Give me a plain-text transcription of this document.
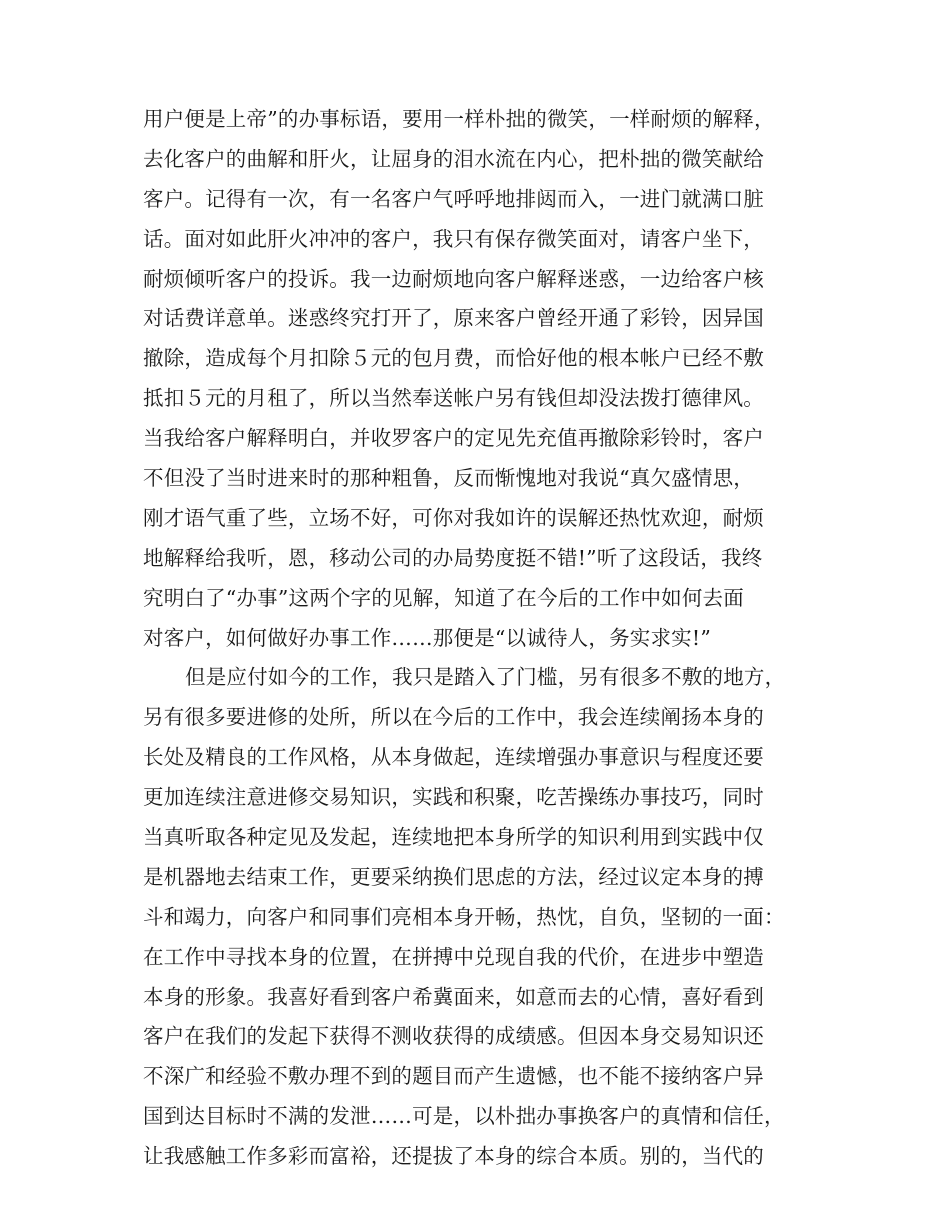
用户便是上帝”的办事标语，要用一样朴拙的微笑，一样耐烦的解释，
去化客户的曲解和肝火，让屈身的泪水流在内心，把朴拙的微笑献给
客户。记得有一次，有一名客户气呼呼地排闼而入，一进门就满口脏
话。面对如此肝火冲冲的客户，我只有保存微笑面对，请客户坐下，
耐烦倾听客户的投诉。我一边耐烦地向客户解释迷惑，一边给客户核
对话费详意单。迷惑终究打开了，原来客户曾经开通了彩铃，因异国
撤除，造成每个月扣除５元的包月费，而恰好他的根本帐户已经不敷
抵扣５元的月租了，所以当然奉送帐户另有钱但却没法拨打德律风。
当我给客户解释明白，并收罗客户的定见先充值再撤除彩铃时，客户
不但没了当时进来时的那种粗鲁，反而惭愧地对我说“真欠盛情思，
刚才语气重了些，立场不好，可你对我如许的误解还热忱欢迎，耐烦
地解释给我听，恩，移动公司的办局势度挺不错!”听了这段话，我终
究明白了“办事”这两个字的见解，知道了在今后的工作中如何去面
对客户，如何做好办事工作……那便是“以诚待人，务实求实!”
但是应付如今的工作，我只是踏入了门槛，另有很多不敷的地方，
另有很多要进修的处所，所以在今后的工作中，我会连续阐扬本身的
长处及精良的工作风格，从本身做起，连续增强办事意识与程度还要
更加连续注意进修交易知识，实践和积聚，吃苦操练办事技巧，同时
当真听取各种定见及发起，连续地把本身所学的知识利用到实践中仅
是机器地去结束工作，更要采纳换们思虑的方法，经过议定本身的搏
斗和竭力，向客户和同事们亮相本身开畅，热忱，自负，坚韧的一面：
在工作中寻找本身的位置，在拼搏中兑现自我的代价，在进步中塑造
本身的形象。我喜好看到客户希冀面来，如意而去的心情，喜好看到
客户在我们的发起下获得不测收获得的成绩感。但因本身交易知识还
不深广和经验不敷办理不到的题目而产生遗憾，也不能不接纳客户异
国到达目标时不满的发泄……可是，以朴拙办事换客户的真情和信任，
让我感触工作多彩而富裕，还提拔了本身的综合本质。别的，当代的
